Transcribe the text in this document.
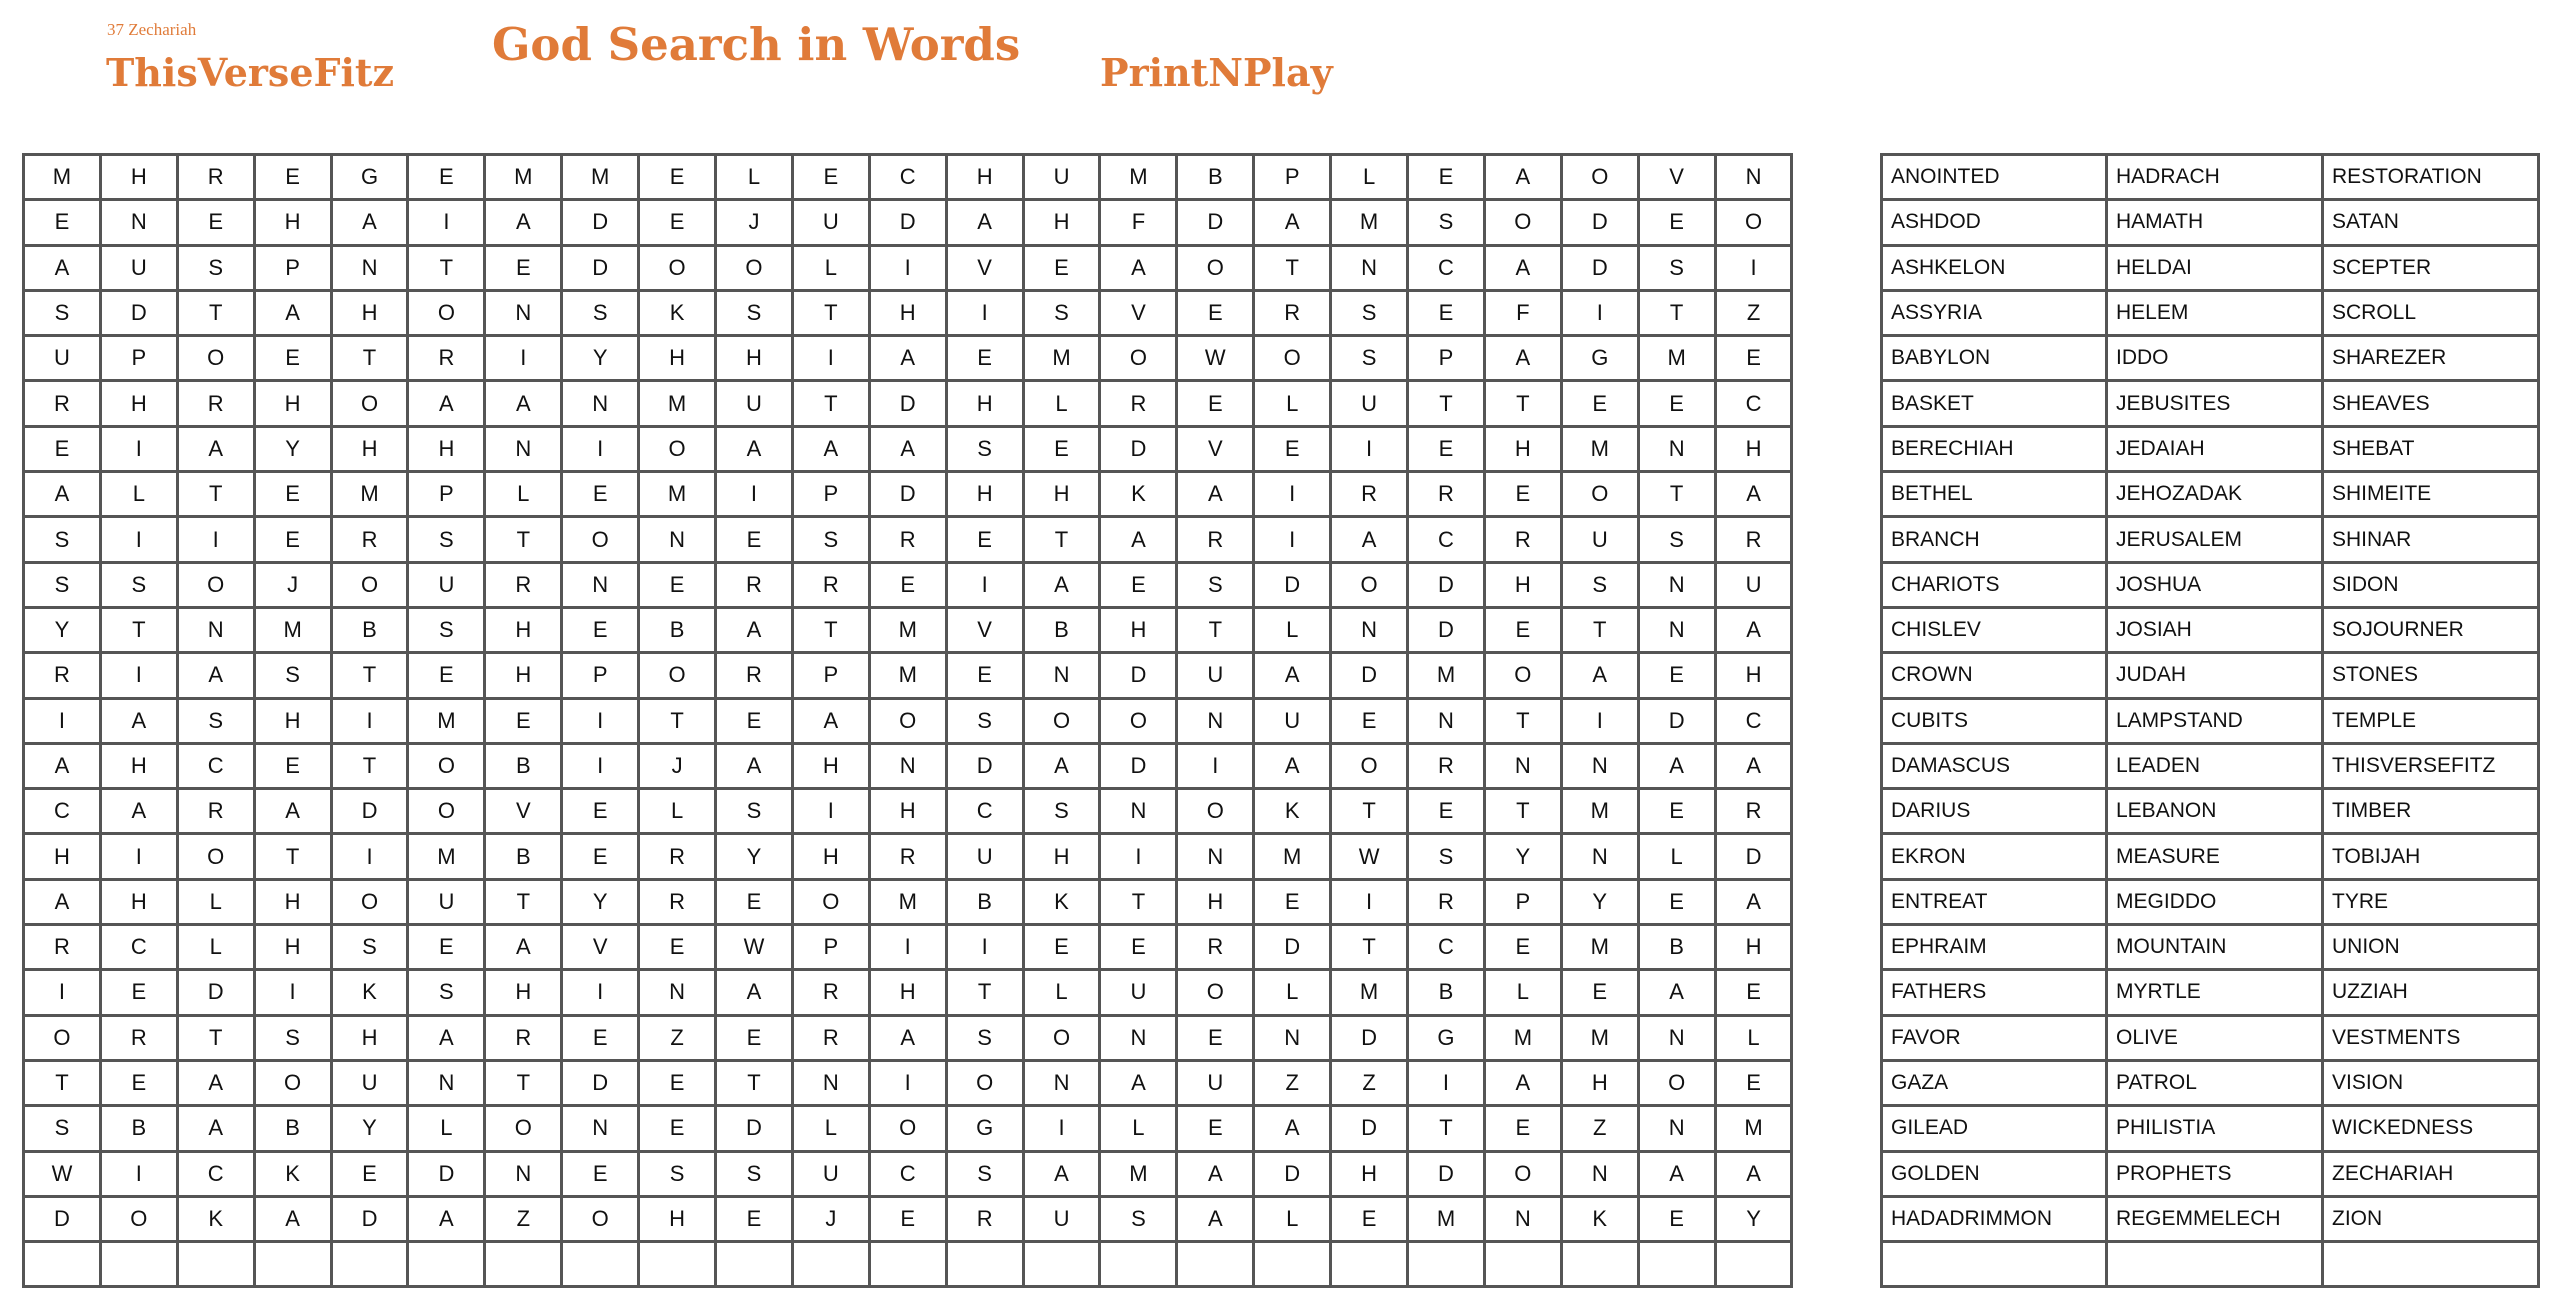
37 Zechariah
ThisVerseFitz
God Search in Words
PrintNPlay
M	H	R	E	G	E	M	M	E	L	E	C	H	U	M	B	P	L	E	A	O	V	N
E	N	E	H	A	I	A	D	E	J	U	D	A	H	F	D	A	M	S	O	D	E	O
A	U	S	P	N	T	E	D	O	O	L	I	V	E	A	O	T	N	C	A	D	S	I
S	D	T	A	H	O	N	S	K	S	T	H	I	S	V	E	R	S	E	F	I	T	Z
U	P	O	E	T	R	I	Y	H	H	I	A	E	M	O	W	O	S	P	A	G	M	E
R	H	R	H	O	A	A	N	M	U	T	D	H	L	R	E	L	U	T	T	E	E	C
E	I	A	Y	H	H	N	I	O	A	A	A	S	E	D	V	E	I	E	H	M	N	H
A	L	T	E	M	P	L	E	M	I	P	D	H	H	K	A	I	R	R	E	O	T	A
S	I	I	E	R	S	T	O	N	E	S	R	E	T	A	R	I	A	C	R	U	S	R
S	S	O	J	O	U	R	N	E	R	R	E	I	A	E	S	D	O	D	H	S	N	U
Y	T	N	M	B	S	H	E	B	A	T	M	V	B	H	T	L	N	D	E	T	N	A
R	I	A	S	T	E	H	P	O	R	P	M	E	N	D	U	A	D	M	O	A	E	H
I	A	S	H	I	M	E	I	T	E	A	O	S	O	O	N	U	E	N	T	I	D	C
A	H	C	E	T	O	B	I	J	A	H	N	D	A	D	I	A	O	R	N	N	A	A
C	A	R	A	D	O	V	E	L	S	I	H	C	S	N	O	K	T	E	T	M	E	R
H	I	O	T	I	M	B	E	R	Y	H	R	U	H	I	N	M	W	S	Y	N	L	D
A	H	L	H	O	U	T	Y	R	E	O	M	B	K	T	H	E	I	R	P	Y	E	A
R	C	L	H	S	E	A	V	E	W	P	I	I	E	E	R	D	T	C	E	M	B	H
I	E	D	I	K	S	H	I	N	A	R	H	T	L	U	O	L	M	B	L	E	A	E
O	R	T	S	H	A	R	E	Z	E	R	A	S	O	N	E	N	D	G	M	M	N	L
T	E	A	O	U	N	T	D	E	T	N	I	O	N	A	U	Z	Z	I	A	H	O	E
S	B	A	B	Y	L	O	N	E	D	L	O	G	I	L	E	A	D	T	E	Z	N	M
W	I	C	K	E	D	N	E	S	S	U	C	S	A	M	A	D	H	D	O	N	A	A
D	O	K	A	D	A	Z	O	H	E	J	E	R	U	S	A	L	E	M	N	K	E	Y
ANOINTED	HADRACH	RESTORATION
ASHDOD	HAMATH	SATAN
ASHKELON	HELDAI	SCEPTER
ASSYRIA	HELEM	SCROLL
BABYLON	IDDO	SHAREZER
BASKET	JEBUSITES	SHEAVES
BERECHIAH	JEDAIAH	SHEBAT
BETHEL	JEHOZADAK	SHIMEITE
BRANCH	JERUSALEM	SHINAR
CHARIOTS	JOSHUA	SIDON
CHISLEV	JOSIAH	SOJOURNER
CROWN	JUDAH	STONES
CUBITS	LAMPSTAND	TEMPLE
DAMASCUS	LEADEN	THISVERSEFITZ
DARIUS	LEBANON	TIMBER
EKRON	MEASURE	TOBIJAH
ENTREAT	MEGIDDO	TYRE
EPHRAIM	MOUNTAIN	UNION
FATHERS	MYRTLE	UZZIAH
FAVOR	OLIVE	VESTMENTS
GAZA	PATROL	VISION
GILEAD	PHILISTIA	WICKEDNESS
GOLDEN	PROPHETS	ZECHARIAH
HADADRIMMON	REGEMMELECH	ZION
